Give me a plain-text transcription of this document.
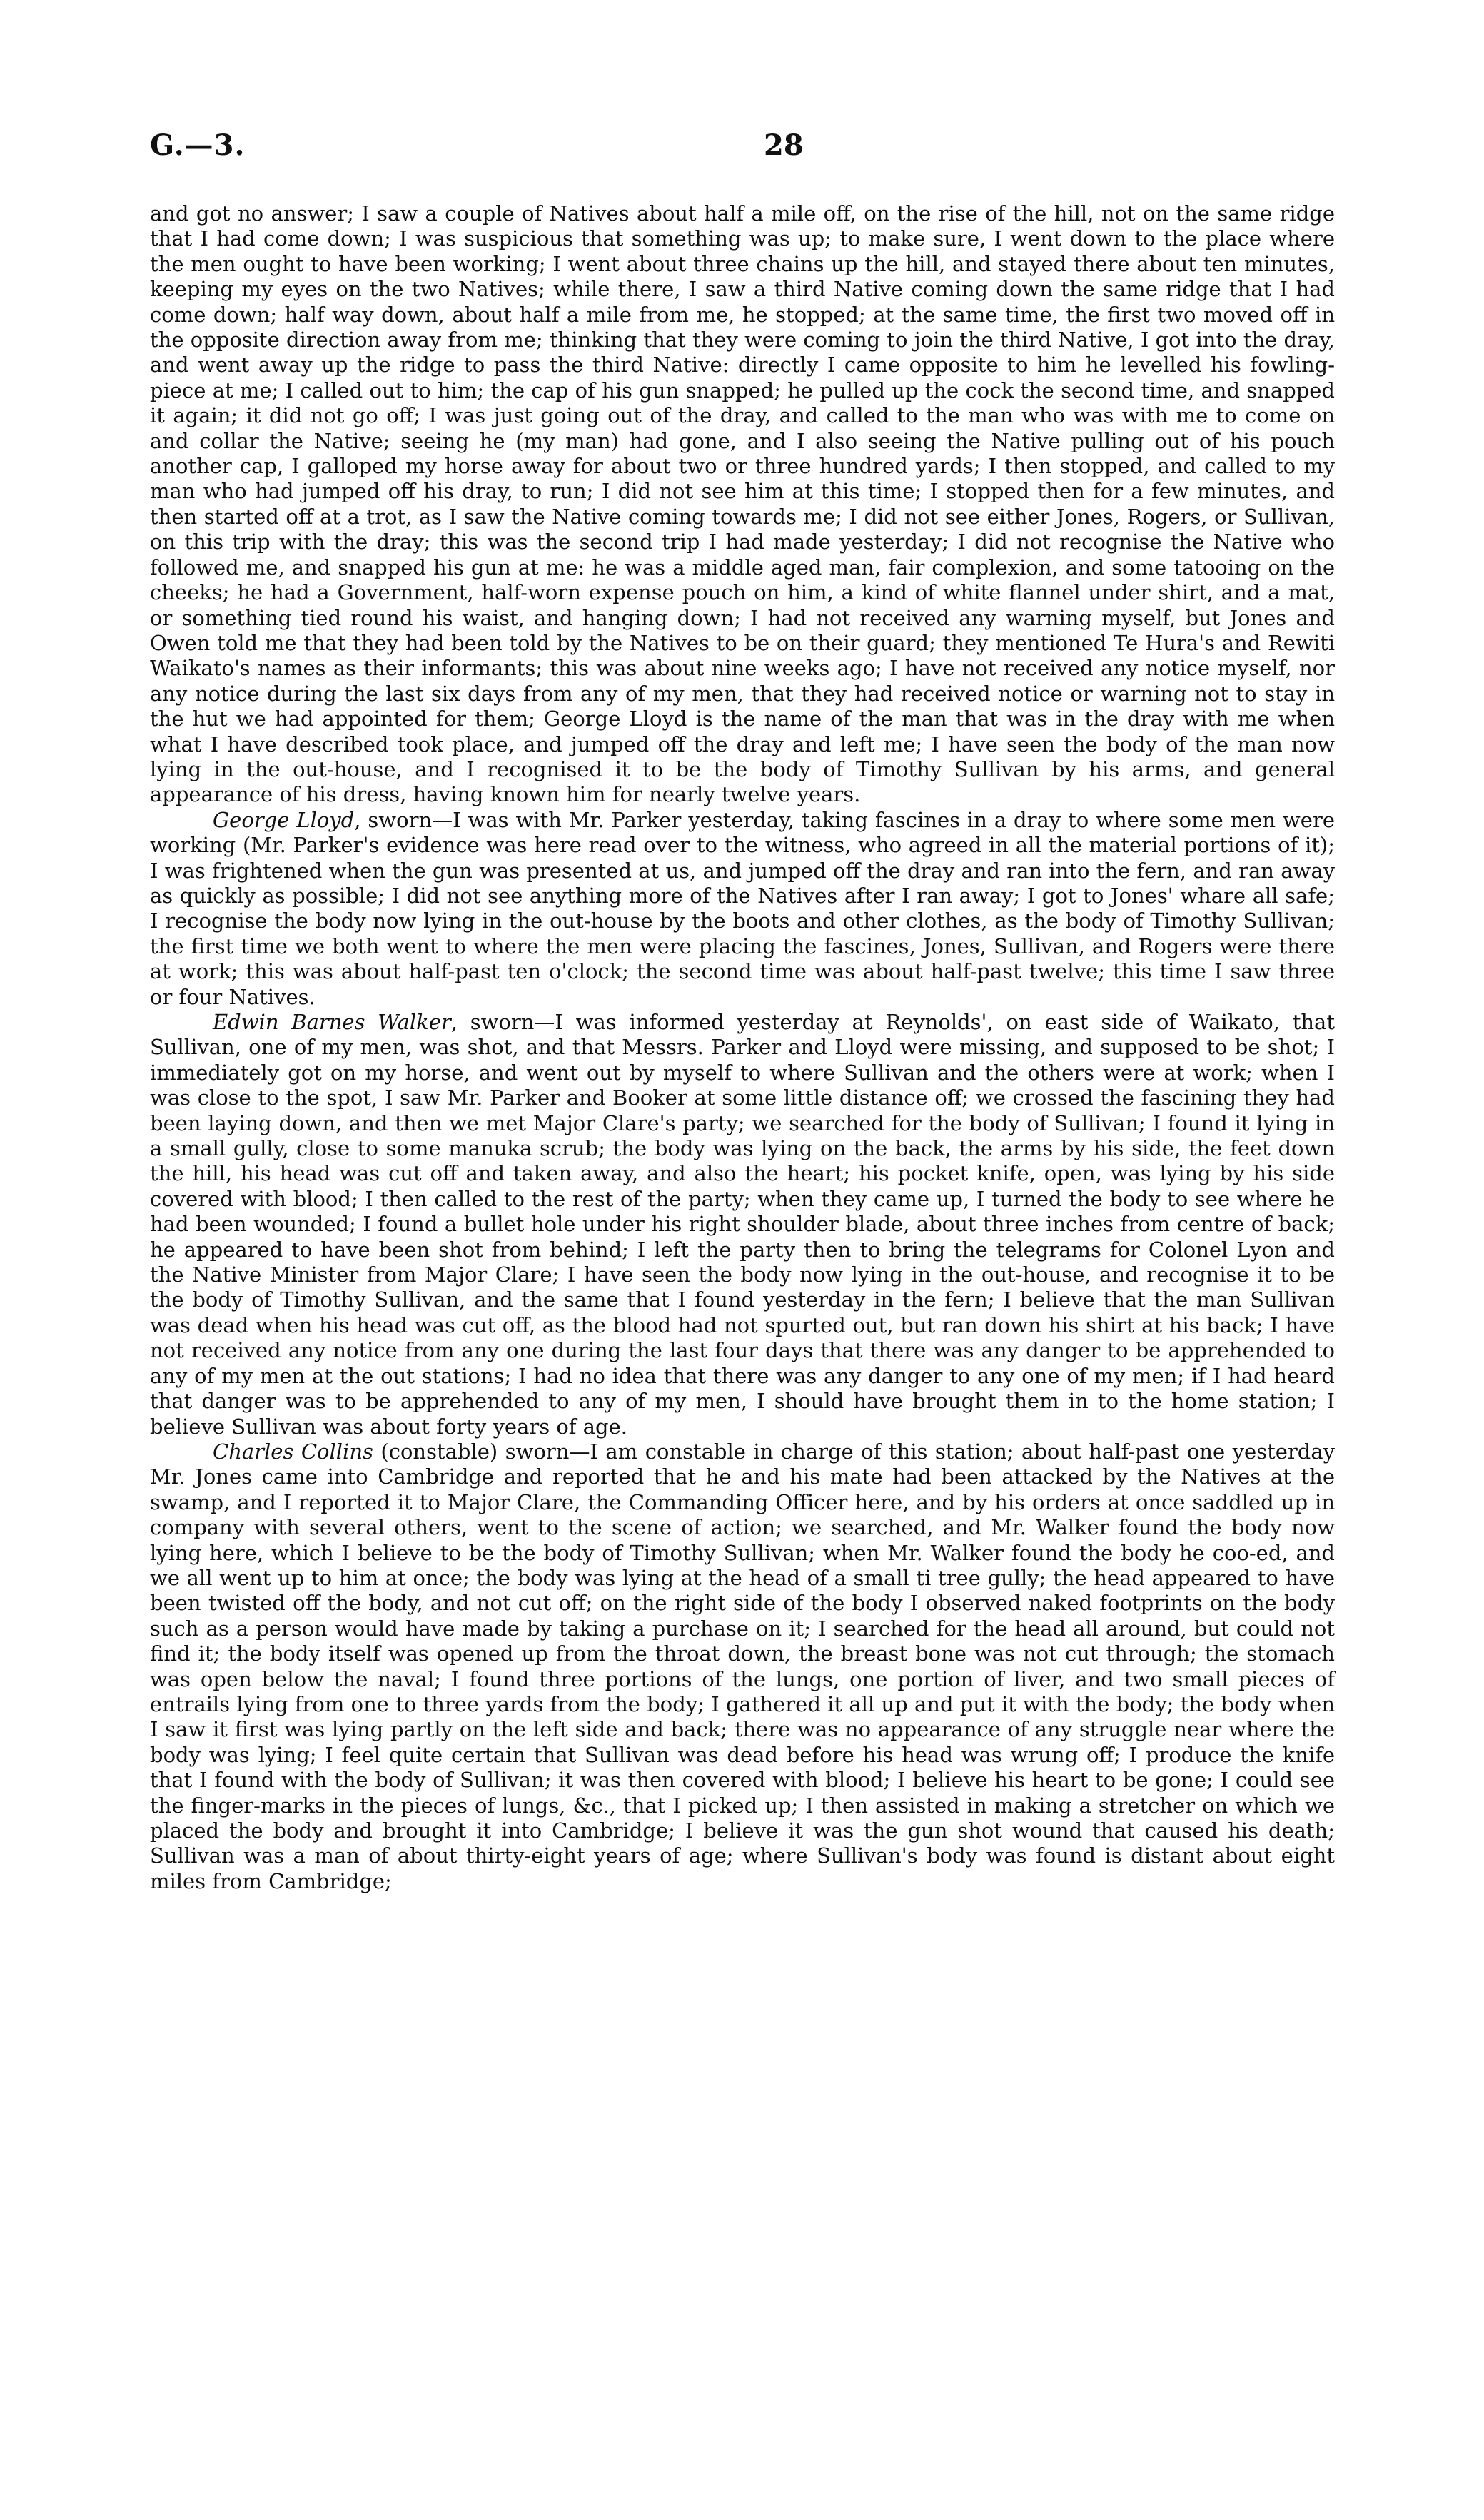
G.—3.	28

and got no answer; I saw a couple of Natives about half a mile off, on the rise of the hill, not on the same ridge that I had come down; I was suspicious that something was up; to make sure, I went down to the place where the men ought to have been working; I went about three chains up the hill, and stayed there about ten minutes, keeping my eyes on the two Natives; while there, I saw a third Native coming down the same ridge that I had come down; half way down, about half a mile from me, he stopped; at the same time, the first two moved off in the opposite direction away from me; thinking that they were coming to join the third Native, I got into the dray, and went away up the ridge to pass the third Native: directly I came opposite to him he levelled his fowling-piece at me; I called out to him; the cap of his gun snapped; he pulled up the cock the second time, and snapped it again; it did not go off; I was just going out of the dray, and called to the man who was with me to come on and collar the Native; seeing he (my man) had gone, and I also seeing the Native pulling out of his pouch another cap, I galloped my horse away for about two or three hundred yards; I then stopped, and called to my man who had jumped off his dray, to run; I did not see him at this time; I stopped then for a few minutes, and then started off at a trot, as I saw the Native coming towards me; I did not see either Jones, Rogers, or Sullivan, on this trip with the dray; this was the second trip I had made yesterday; I did not recognise the Native who followed me, and snapped his gun at me: he was a middle aged man, fair complexion, and some tatooing on the cheeks; he had a Government, half-worn expense pouch on him, a kind of white flannel under shirt, and a mat, or something tied round his waist, and hanging down; I had not received any warning myself, but Jones and Owen told me that they had been told by the Natives to be on their guard; they mentioned Te Hura's and Rewiti Waikato's names as their informants; this was about nine weeks ago; I have not received any notice myself, nor any notice during the last six days from any of my men, that they had received notice or warning not to stay in the hut we had appointed for them; George Lloyd is the name of the man that was in the dray with me when what I have described took place, and jumped off the dray and left me; I have seen the body of the man now lying in the out-house, and I recognised it to be the body of Timothy Sullivan by his arms, and general appearance of his dress, having known him for nearly twelve years.

George Lloyd, sworn—I was with Mr. Parker yesterday, taking fascines in a dray to where some men were working (Mr. Parker's evidence was here read over to the witness, who agreed in all the material portions of it); I was frightened when the gun was presented at us, and jumped off the dray and ran into the fern, and ran away as quickly as possible; I did not see anything more of the Natives after I ran away; I got to Jones' whare all safe; I recognise the body now lying in the out-house by the boots and other clothes, as the body of Timothy Sullivan; the first time we both went to where the men were placing the fascines, Jones, Sullivan, and Rogers were there at work; this was about half-past ten o'clock; the second time was about half-past twelve; this time I saw three or four Natives.

Edwin Barnes Walker, sworn—I was informed yesterday at Reynolds', on east side of Waikato, that Sullivan, one of my men, was shot, and that Messrs. Parker and Lloyd were missing, and supposed to be shot; I immediately got on my horse, and went out by myself to where Sullivan and the others were at work; when I was close to the spot, I saw Mr. Parker and Booker at some little distance off; we crossed the fascining they had been laying down, and then we met Major Clare's party; we searched for the body of Sullivan; I found it lying in a small gully, close to some manuka scrub; the body was lying on the back, the arms by his side, the feet down the hill, his head was cut off and taken away, and also the heart; his pocket knife, open, was lying by his side covered with blood; I then called to the rest of the party; when they came up, I turned the body to see where he had been wounded; I found a bullet hole under his right shoulder blade, about three inches from centre of back; he appeared to have been shot from behind; I left the party then to bring the telegrams for Colonel Lyon and the Native Minister from Major Clare; I have seen the body now lying in the out-house, and recognise it to be the body of Timothy Sullivan, and the same that I found yesterday in the fern; I believe that the man Sullivan was dead when his head was cut off, as the blood had not spurted out, but ran down his shirt at his back; I have not received any notice from any one during the last four days that there was any danger to be apprehended to any of my men at the out stations; I had no idea that there was any danger to any one of my men; if I had heard that danger was to be apprehended to any of my men, I should have brought them in to the home station; I believe Sullivan was about forty years of age.

Charles Collins (constable) sworn—I am constable in charge of this station; about half-past one yesterday Mr. Jones came into Cambridge and reported that he and his mate had been attacked by the Natives at the swamp, and I reported it to Major Clare, the Commanding Officer here, and by his orders at once saddled up in company with several others, went to the scene of action; we searched, and Mr. Walker found the body now lying here, which I believe to be the body of Timothy Sullivan; when Mr. Walker found the body he coo-ed, and we all went up to him at once; the body was lying at the head of a small ti tree gully; the head appeared to have been twisted off the body, and not cut off; on the right side of the body I observed naked footprints on the body such as a person would have made by taking a purchase on it; I searched for the head all around, but could not find it; the body itself was opened up from the throat down, the breast bone was not cut through; the stomach was open below the naval; I found three portions of the lungs, one portion of liver, and two small pieces of entrails lying from one to three yards from the body; I gathered it all up and put it with the body; the body when I saw it first was lying partly on the left side and back; there was no appearance of any struggle near where the body was lying; I feel quite certain that Sullivan was dead before his head was wrung off; I produce the knife that I found with the body of Sullivan; it was then covered with blood; I believe his heart to be gone; I could see the finger-marks in the pieces of lungs, &c., that I picked up; I then assisted in making a stretcher on which we placed the body and brought it into Cambridge; I believe it was the gun shot wound that caused his death; Sullivan was a man of about thirty-eight years of age; where Sullivan's body was found is distant about eight miles from Cambridge;
